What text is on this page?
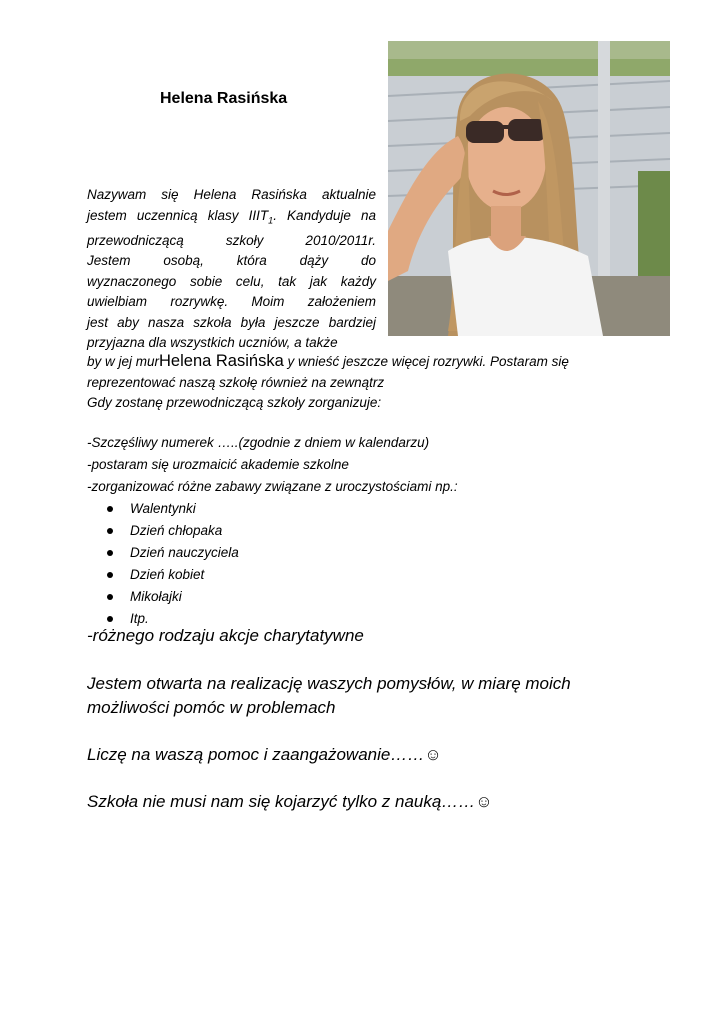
Helena Rasińska
Nazywam się Helena Rasińska aktualnie
jestem uczennicą klasy $IIIT_1$. Kandyduje na
przewodniczącą szkoły 2010/2011r.
Jestem osobą, która dąży do
wyznaczonego sobie celu, tak jak każdy
uwielbiam rozrywkę. Moim założeniem
jest aby nasza szkoła była jeszcze bardziej
przyjazna dla wszystkich uczniów, a także
by w jej murHelena Rasińska y wnieść jeszcze więcej rozrywki. Postaram się
reprezentować naszą szkołę również na zewnątrz
Gdy zostanę przewodniczącą szkoły zorganizuje:
-Szczęśliwy numerek …..(zgodnie z dniem w kalendarzu)
-postaram się urozmaicić akademie szkolne
-zorganizować różne zabawy związane z uroczystościami np.:
Walentynki
Dzień chłopaka
Dzień nauczyciela
Dzień kobiet
Mikołajki
Itp.
-różnego rodzaju akcje charytatywne
Jestem otwarta na realizację waszych pomysłów, w miarę moich
możliwości pomóc w problemach
Liczę na waszą pomoc i zaangażowanie……☺
Szkoła nie musi nam się kojarzyć tylko z nauką……☺
